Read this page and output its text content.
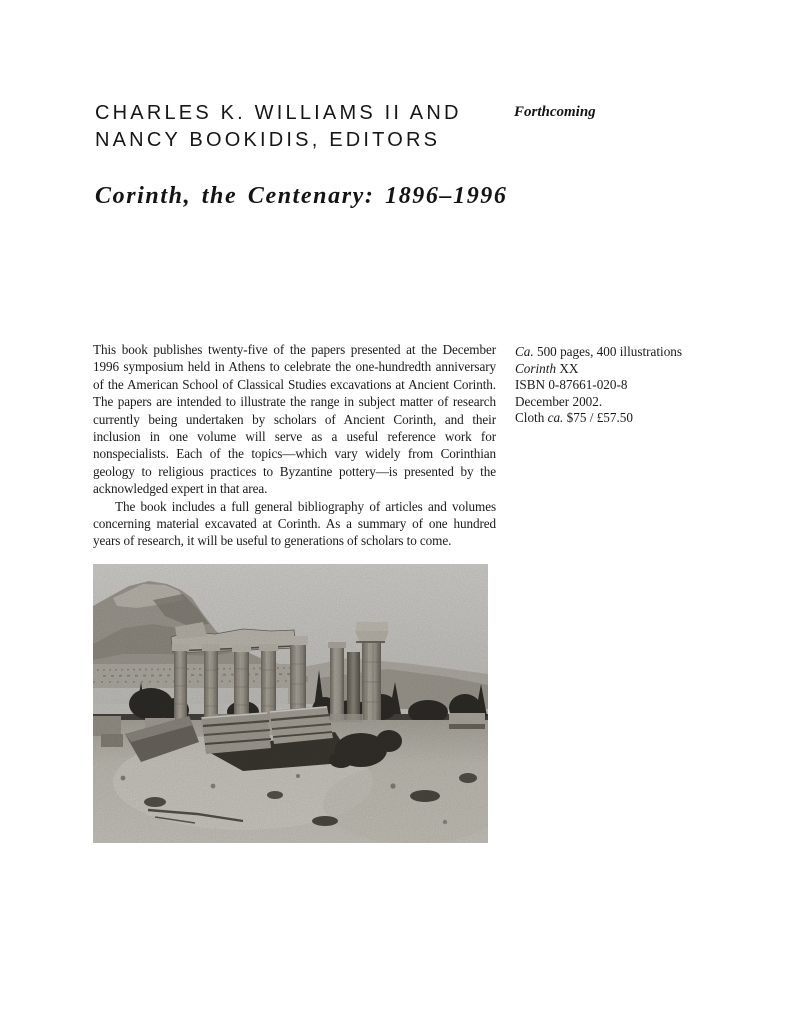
CHARLES K. WILLIAMS II AND
NANCY BOOKIDIS, EDITORS
Forthcoming
Corinth, the Centenary: 1896–1996

This book publishes twenty-five of the papers presented at the December 1996 symposium held in Athens to celebrate the one-hundredth anniversary of the American School of Classical Studies excavations at Ancient Corinth. The papers are intended to illustrate the range in subject matter of research currently being undertaken by scholars of Ancient Corinth, and their inclusion in one volume will serve as a useful reference work for nonspecialists. Each of the topics—which vary widely from Corinthian geology to religious practices to Byzantine pottery—is presented by the acknowledged expert in that area.

The book includes a full general bibliography of articles and volumes concerning material excavated at Corinth. As a summary of one hundred years of research, it will be useful to generations of scholars to come.

Ca. 500 pages, 400 illustrations
Corinth XX
ISBN 0-87661-020-8
December 2002.
Cloth ca. $75 / £57.50
